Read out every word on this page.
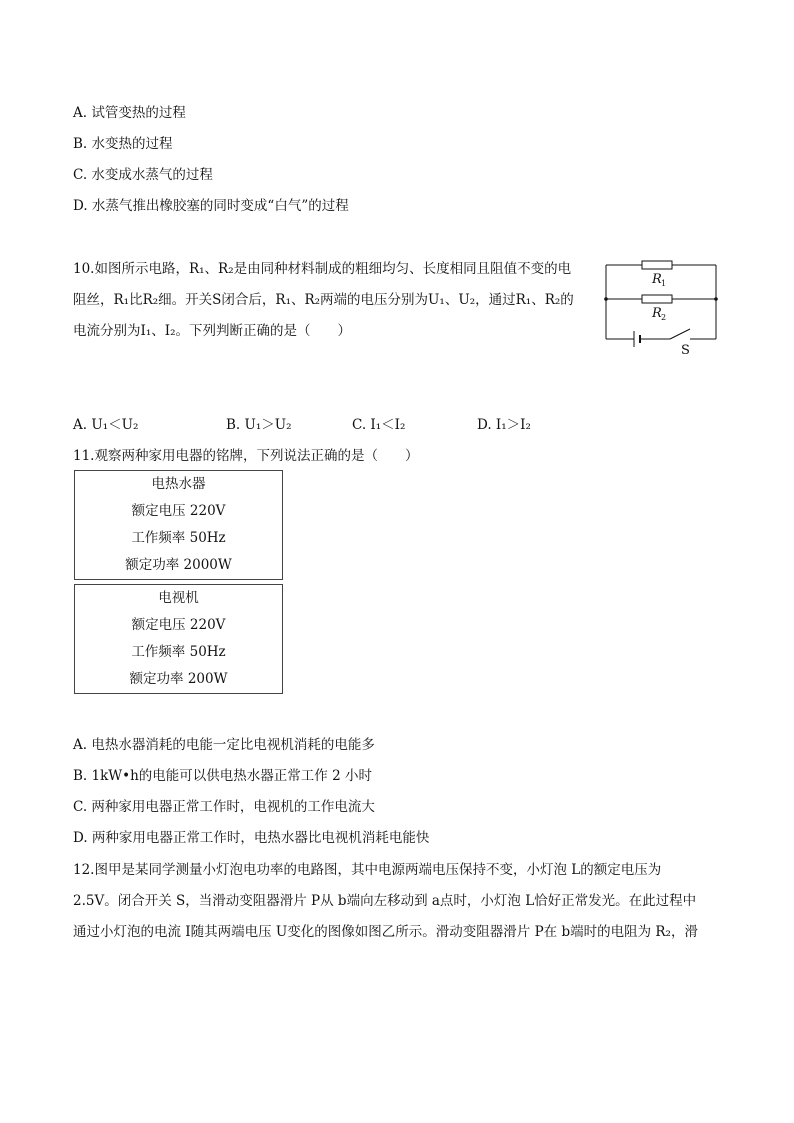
A. 试管变热的过程
B. 水变热的过程
C. 水变成水蒸气的过程
D. 水蒸气推出橡胶塞的同时变成“白气”的过程
10.如图所示电路，R₁、R₂是由同种材料制成的粗细均匀、长度相同且阻值不变的电
阻丝，R₁比R₂细。开关S闭合后，R₁、R₂两端的电压分别为U₁、U₂，通过R₁、R₂的
电流分别为I₁、I₂。下列判断正确的是（　　）
R 1
R 2
S
A. U₁＜U₂	B. U₁＞U₂	C. I₁＜I₂	D. I₁＞I₂
11.观察两种家用电器的铭牌，下列说法正确的是（　　）
电热水器
额定电压 220V
工作频率 50Hz
额定功率 2000W
电视机
额定电压 220V
工作频率 50Hz
额定功率 200W
A. 电热水器消耗的电能一定比电视机消耗的电能多
B. 1kW•h的电能可以供电热水器正常工作 2 小时
C. 两种家用电器正常工作时，电视机的工作电流大
D. 两种家用电器正常工作时，电热水器比电视机消耗电能快
12.图甲是某同学测量小灯泡电功率的电路图，其中电源两端电压保持不变，小灯泡 L的额定电压为
2.5V。闭合开关 S，当滑动变阻器滑片 P从 b端向左移动到 a点时，小灯泡 L恰好正常发光。在此过程中
通过小灯泡的电流 I随其两端电压 U变化的图像如图乙所示。滑动变阻器滑片 P在 b端时的电阻为 R₂，滑
